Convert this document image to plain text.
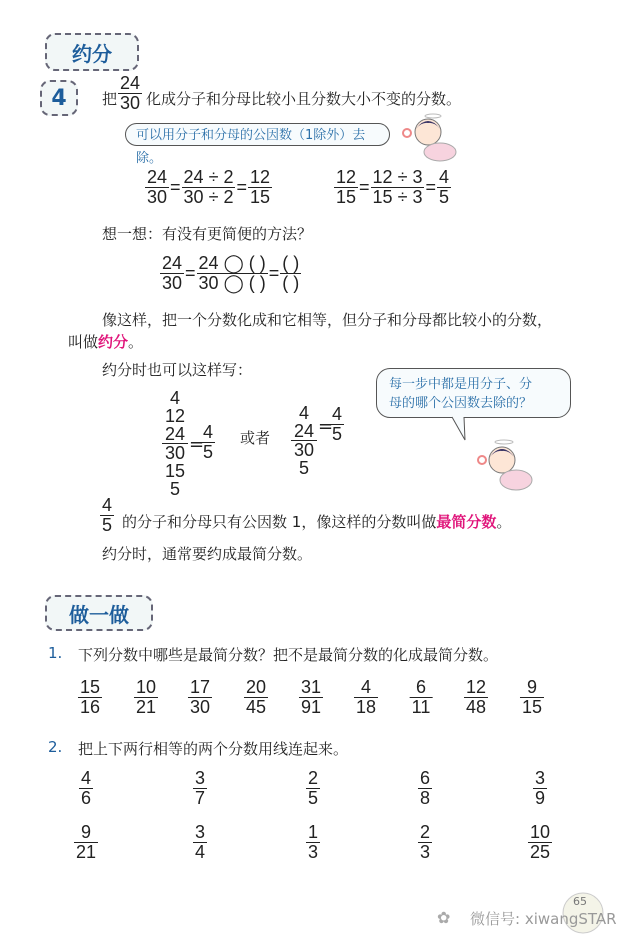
约分
4 把 $\frac{24}{30}$ 化成分子和分母比较小且分数大小不变的分数。
可以用分子和分母的公因数（1除外）去除。
$\frac{24}{30} = \frac{24 \div 2}{30 \div 2} = \frac{12}{15}$	$\frac{12}{15} = \frac{12 \div 3}{15 \div 3} = \frac{4}{5}$
想一想：有没有更简便的方法？
$\frac{24}{30} = \frac{24 ◯ ( )}{30 ◯ ( )} = \frac{( )}{( )}$
像这样，把一个分数化成和它相等，但分子和分母都比较小的分数，
叫做约分。
约分时也可以这样写：
4
12
24
30
15
5
=
$\frac{4}{5}$ 或者
4
24
30
5
=
$\frac{4}{5}$
每一步中都是用分子、分
母的哪个公因数去除的？
$\frac{4}{5}$ 的分子和分母只有公因数 1，像这样的分数叫做最简分数。
约分时，通常要约成最简分数。
做一做
1. 下列分数中哪些是最简分数？把不是最简分数的化成最简分数。
$\frac{15}{16} \frac{10}{21} \frac{17}{30} \frac{20}{45} \frac{31}{91} \frac{4}{18} \frac{6}{11} \frac{12}{48} \frac{9}{15}$
2. 把上下两行相等的两个分数用线连起来。
$\frac{4}{6}$
$\frac{9}{21}$
$\frac{3}{7}$
$\frac{3}{4}$
$\frac{2}{5}$
$\frac{1}{3}$
$\frac{6}{8}$
$\frac{2}{3}$
$\frac{3}{9}$
$\frac{10}{25}$
65
✿ 微信号: xiwangSTAR
